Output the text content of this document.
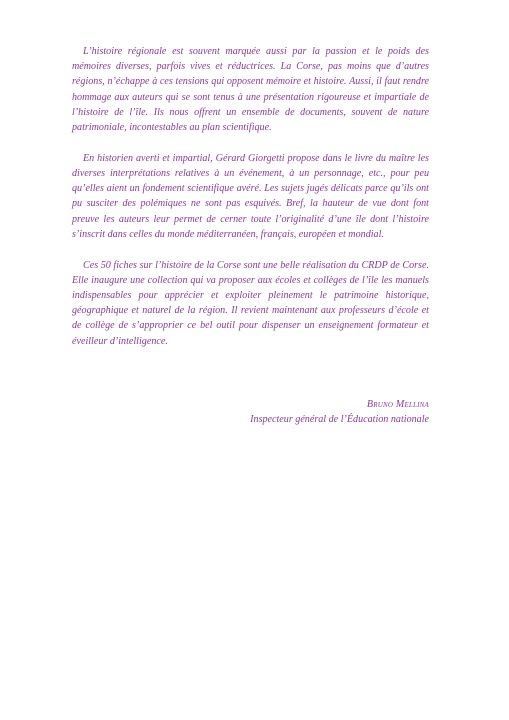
L’histoire régionale est souvent marquée aussi par la passion et le poids des mémoires diverses, parfois vives et réductrices. La Corse, pas moins que d’autres régions, n’échappe à ces tensions qui opposent mémoire et histoire. Aussi, il faut rendre hommage aux auteurs qui se sont tenus à une présentation rigoureuse et impartiale de l’histoire de l’île. Ils nous offrent un ensemble de documents, souvent de nature patrimoniale, incontestables au plan scientifique.

En historien averti et impartial, Gérard Giorgetti propose dans le livre du maître les diverses interprétations relatives à un événement, à un personnage, etc., pour peu qu’elles aient un fondement scientifique avéré. Les sujets jugés délicats parce qu’ils ont pu susciter des polémiques ne sont pas esquivés. Bref, la hauteur de vue dont font preuve les auteurs leur permet de cerner toute l’originalité d’une île dont l’histoire s’inscrit dans celles du monde méditerranéen, français, européen et mondial.

Ces 50 fiches sur l’histoire de la Corse sont une belle réalisation du CRDP de Corse. Elle inaugure une collection qui va proposer aux écoles et collèges de l’île les manuels indispensables pour apprécier et exploiter pleinement le patrimoine historique, géographique et naturel de la région. Il revient maintenant aux professeurs d’école et de collège de s’approprier ce bel outil pour dispenser un enseignement formateur et éveilleur d’intelligence.

Bruno Mellina
Inspecteur général de l’Éducation nationale
